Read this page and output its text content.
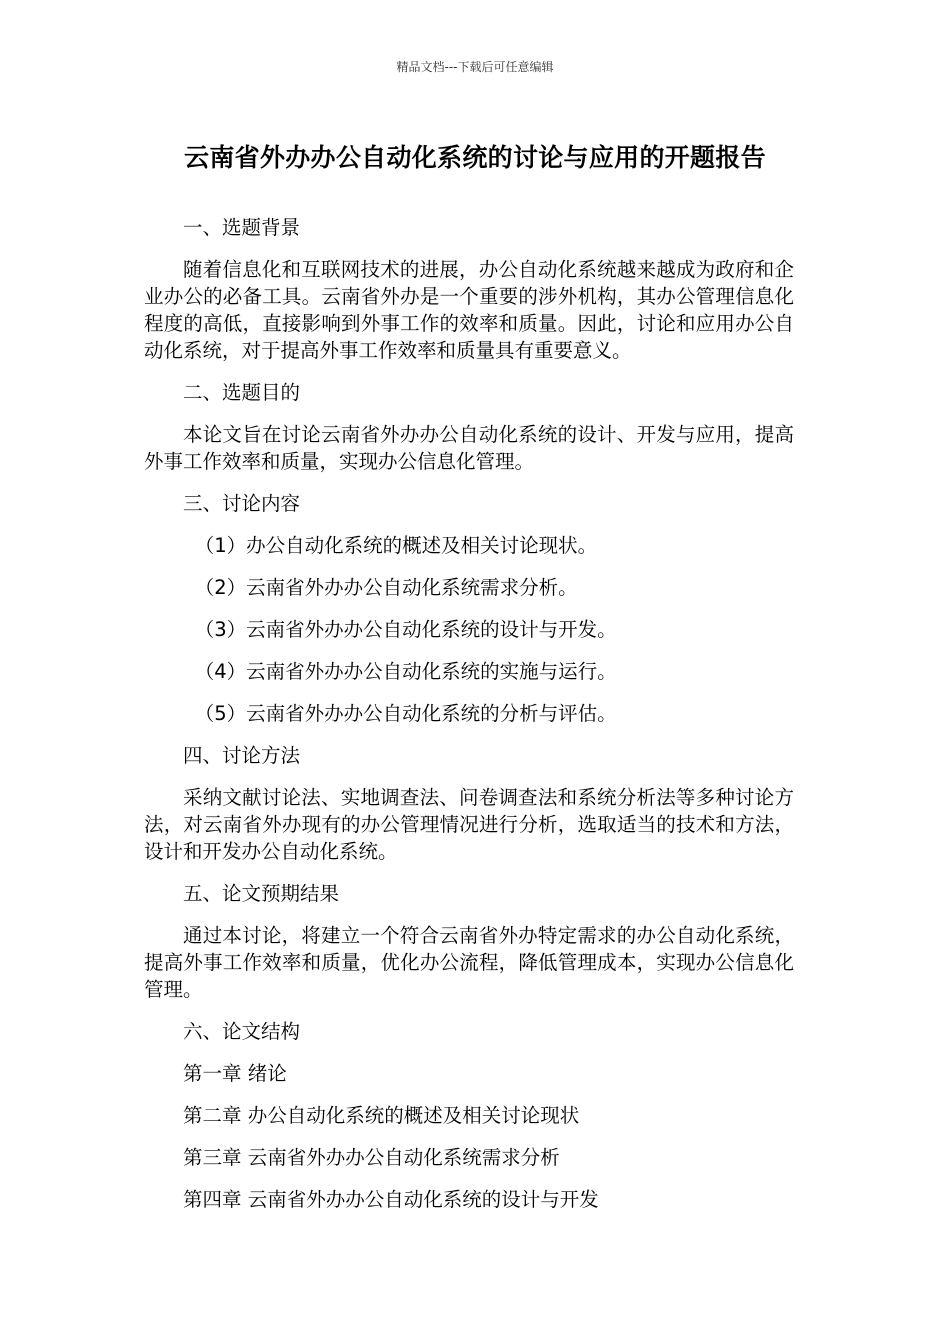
精品文档---下载后可任意编辑
云南省外办办公自动化系统的讨论与应用的开题报告

一、选题背景

随着信息化和互联网技术的进展，办公自动化系统越来越成为政府和企业办公的必备工具。云南省外办是一个重要的涉外机构，其办公管理信息化程度的高低，直接影响到外事工作的效率和质量。因此，讨论和应用办公自动化系统，对于提高外事工作效率和质量具有重要意义。

二、选题目的

本论文旨在讨论云南省外办办公自动化系统的设计、开发与应用，提高外事工作效率和质量，实现办公信息化管理。

三、讨论内容

（1）办公自动化系统的概述及相关讨论现状。

（2）云南省外办办公自动化系统需求分析。

（3）云南省外办办公自动化系统的设计与开发。

（4）云南省外办办公自动化系统的实施与运行。

（5）云南省外办办公自动化系统的分析与评估。

四、讨论方法

采纳文献讨论法、实地调查法、问卷调查法和系统分析法等多种讨论方法，对云南省外办现有的办公管理情况进行分析，选取适当的技术和方法，设计和开发办公自动化系统。

五、论文预期结果

通过本讨论，将建立一个符合云南省外办特定需求的办公自动化系统，提高外事工作效率和质量，优化办公流程，降低管理成本，实现办公信息化管理。

六、论文结构

第一章 绪论

第二章 办公自动化系统的概述及相关讨论现状

第三章 云南省外办办公自动化系统需求分析

第四章 云南省外办办公自动化系统的设计与开发
